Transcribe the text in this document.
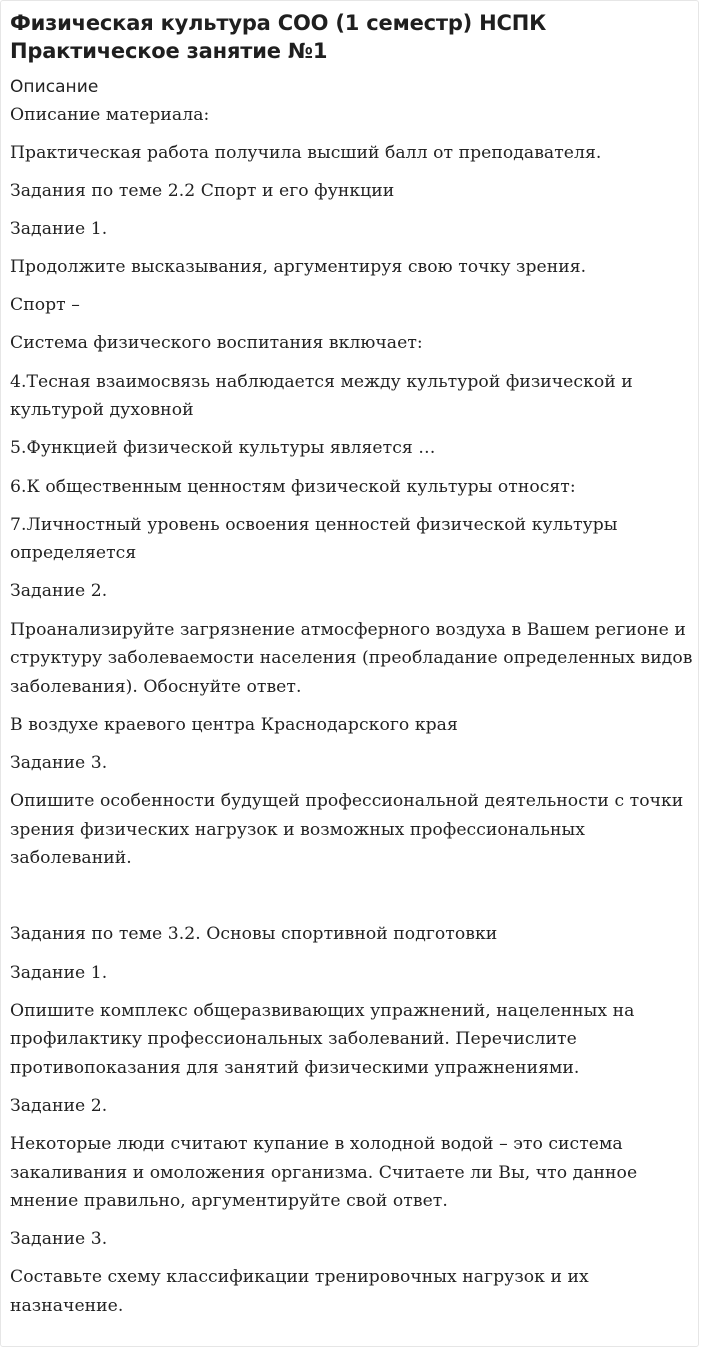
Физическая культура СОО (1 семестр) НСПК Практическое занятие №1
Описание

Описание материала:

Практическая работа получила высший балл от преподавателя.

Задания по теме 2.2 Спорт и его функции

Задание 1.

Продолжите высказывания, аргументируя свою точку зрения.

Спорт –

Система физического воспитания включает:

4.Тесная взаимосвязь наблюдается между культурой физической и культурой духовной

5.Функцией физической культуры является …

6.К общественным ценностям физической культуры относят:

7.Личностный уровень освоения ценностей физической культуры определяется

Задание 2.

Проанализируйте загрязнение атмосферного воздуха в Вашем регионе и структуру заболеваемости населения (преобладание определенных видов заболевания). Обоснуйте ответ.

В воздухе краевого центра Краснодарского края

Задание 3.

Опишите особенности будущей профессиональной деятельности с точки зрения физических нагрузок и возможных профессиональных заболеваний.

Задания по теме 3.2. Основы спортивной подготовки

Задание 1.

Опишите комплекс общеразвивающих упражнений, нацеленных на профилактику профессиональных заболеваний. Перечислите противопоказания для занятий физическими упражнениями.

Задание 2.

Некоторые люди считают купание в холодной водой – это система закаливания и омоложения организма. Считаете ли Вы, что данное мнение правильно, аргументируйте свой ответ.

Задание 3.

Составьте схему классификации тренировочных нагрузок и их назначение.
